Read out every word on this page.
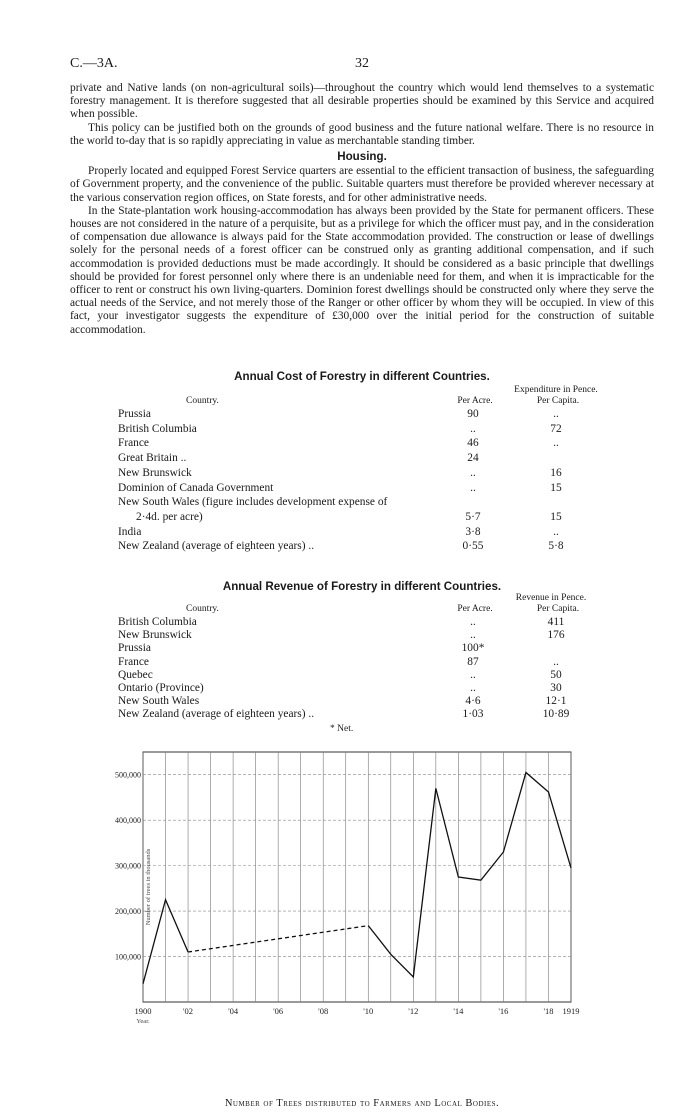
C.—3A.	32

private and Native lands (on non-agricultural soils)—throughout the country which would lend themselves to a systematic forestry management. It is therefore suggested that all desirable properties should be examined by this Service and acquired when possible.

This policy can be justified both on the grounds of good business and the future national welfare. There is no resource in the world to-day that is so rapidly appreciating in value as merchantable standing timber.

Housing.

Properly located and equipped Forest Service quarters are essential to the efficient transaction of business, the safeguarding of Government property, and the convenience of the public. Suitable quarters must therefore be provided wherever necessary at the various conservation region offices, on State forests, and for other administrative needs.

In the State-plantation work housing-accommodation has always been provided by the State for permanent officers. These houses are not considered in the nature of a perquisite, but as a privilege for which the officer must pay, and in the consideration of compensation due allowance is always paid for the State accommodation provided. The construction or lease of dwellings solely for the personal needs of a forest officer can be construed only as granting additional compensation, and if such accommodation is provided deductions must be made accordingly. It should be considered as a basic principle that dwellings should be provided for forest personnel only where there is an undeniable need for them, and when it is impracticable for the officer to rent or construct his own living-quarters. Dominion forest dwellings should be constructed only where they serve the actual needs of the Service, and not merely those of the Ranger or other officer by whom they will be occupied. In view of this fact, your investigator suggests the expenditure of £30,000 over the initial period for the construction of suitable accommodation.

Annual Cost of Forestry in different Countries.
Expenditure in Pence.
Country.	Per Acre.	Per Capita.
Prussia	90	..
British Columbia	..	72
France	46	..
Great Britain ..	24
New Brunswick	..	16
Dominion of Canada Government	..	15
New South Wales (figure includes development expense of
2·4d. per acre)	5·7	15
India	3·8	..
New Zealand (average of eighteen years) ..	0·55	5·8
Annual Revenue of Forestry in different Countries.
Revenue in Pence.
Country.	Per Acre.	Per Capita.
British Columbia	..	411
New Brunswick	..	176
Prussia	100*
France	87	..
Quebec	..	50
Ontario (Province)	..	30
New South Wales	4·6	12·1
New Zealand (average of eighteen years) ..	1·03	10·89
* Net.
100,000
200,000
300,000
400,000
500,000
1900	'02	'04	'06	'08	'10	'12	'14	'16	'18 1919
Year.
Number of trees in thousands
Number of Trees distributed to Farmers and Local Bodies.
